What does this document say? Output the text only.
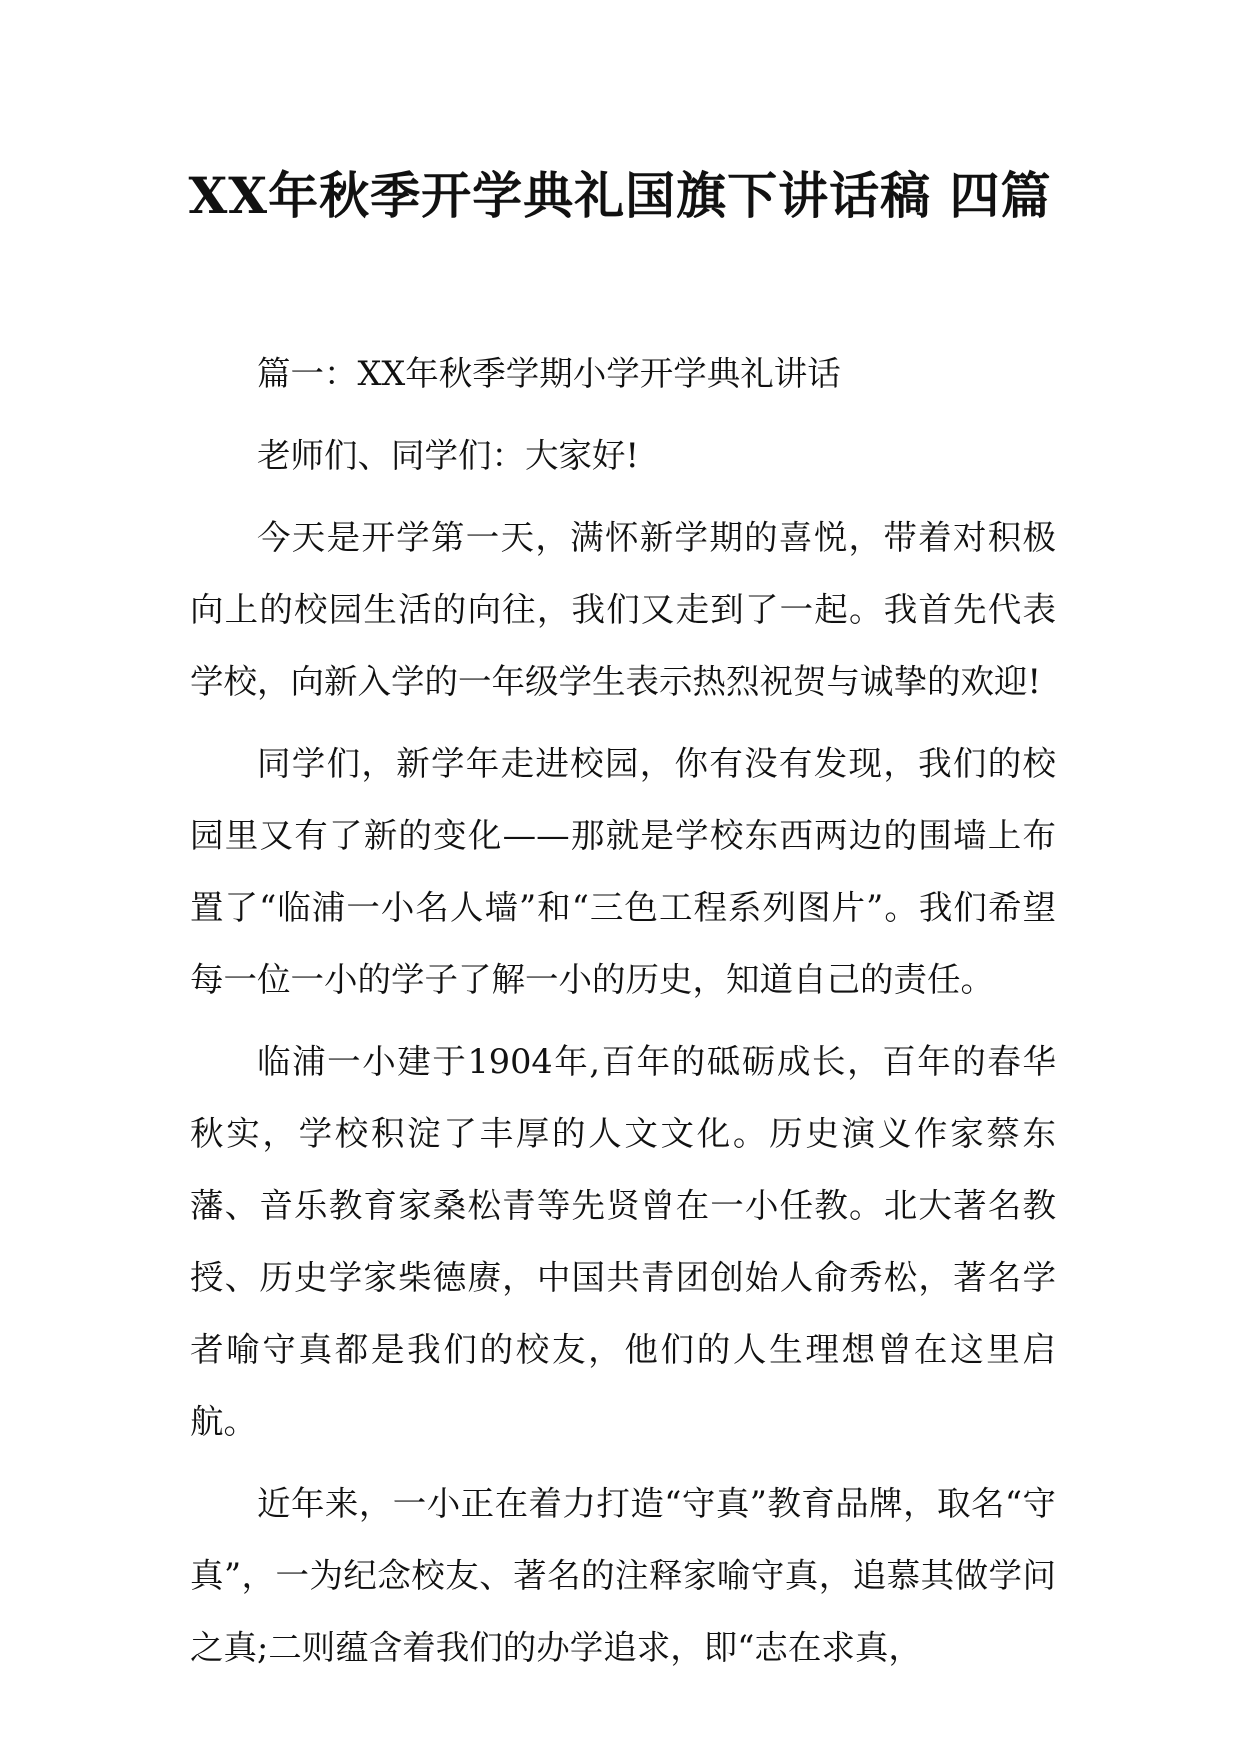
XX年秋季开学典礼国旗下讲话稿 四篇

篇一：XX年秋季学期小学开学典礼讲话

老师们、同学们：大家好!

今天是开学第一天，满怀新学期的喜悦，带着对积极向上的校园生活的向往，我们又走到了一起。我首先代表学校，向新入学的一年级学生表示热烈祝贺与诚挚的欢迎!

同学们，新学年走进校园，你有没有发现，我们的校园里又有了新的变化——那就是学校东西两边的围墙上布置了“临浦一小名人墙”和“三色工程系列图片”。我们希望每一位一小的学子了解一小的历史，知道自己的责任。

临浦一小建于1904年,百年的砥砺成长，百年的春华秋实，学校积淀了丰厚的人文文化。历史演义作家蔡东藩、音乐教育家桑松青等先贤曾在一小任教。北大著名教授、历史学家柴德赓，中国共青团创始人俞秀松，著名学者喻守真都是我们的校友，他们的人生理想曾在这里启航。

近年来，一小正在着力打造“守真”教育品牌，取名“守真”，一为纪念校友、著名的注释家喻守真，追慕其做学问之真;二则蕴含着我们的办学追求，即“志在求真，
